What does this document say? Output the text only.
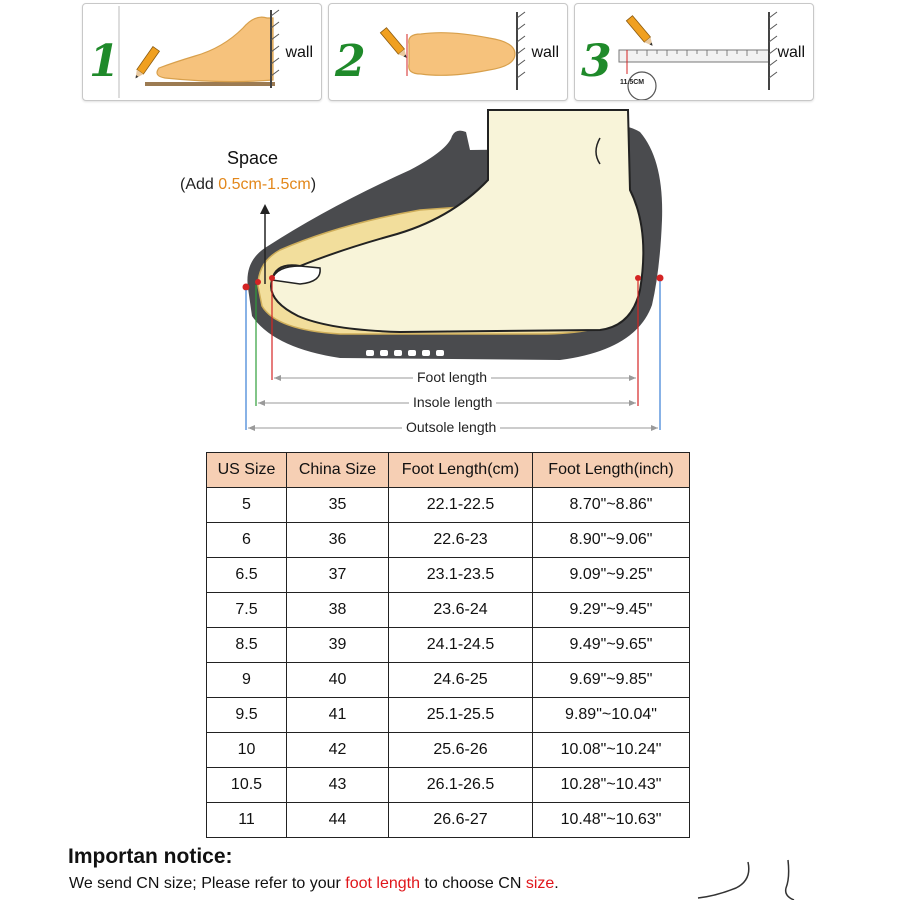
1	wall 2	wall 3	wall
11.5CM
Space
(Add 0.5cm-1.5cm)
Foot length
Insole length
Outsole length
US Size	China Size	Foot Length(cm)	Foot Length(inch)
5	35	22.1-22.5	8.70"~8.86"
6	36	22.6-23	8.90"~9.06"
6.5	37	23.1-23.5	9.09"~9.25"
7.5	38	23.6-24	9.29"~9.45"
8.5	39	24.1-24.5	9.49"~9.65"
9	40	24.6-25	9.69"~9.85"
9.5	41	25.1-25.5	9.89"~10.04"
10	42	25.6-26	10.08"~10.24"
10.5	43	26.1-26.5	10.28"~10.43"
11	44	26.6-27	10.48"~10.63"
Importan notice:
We send CN size; Please refer to your foot length to choose CN size.
